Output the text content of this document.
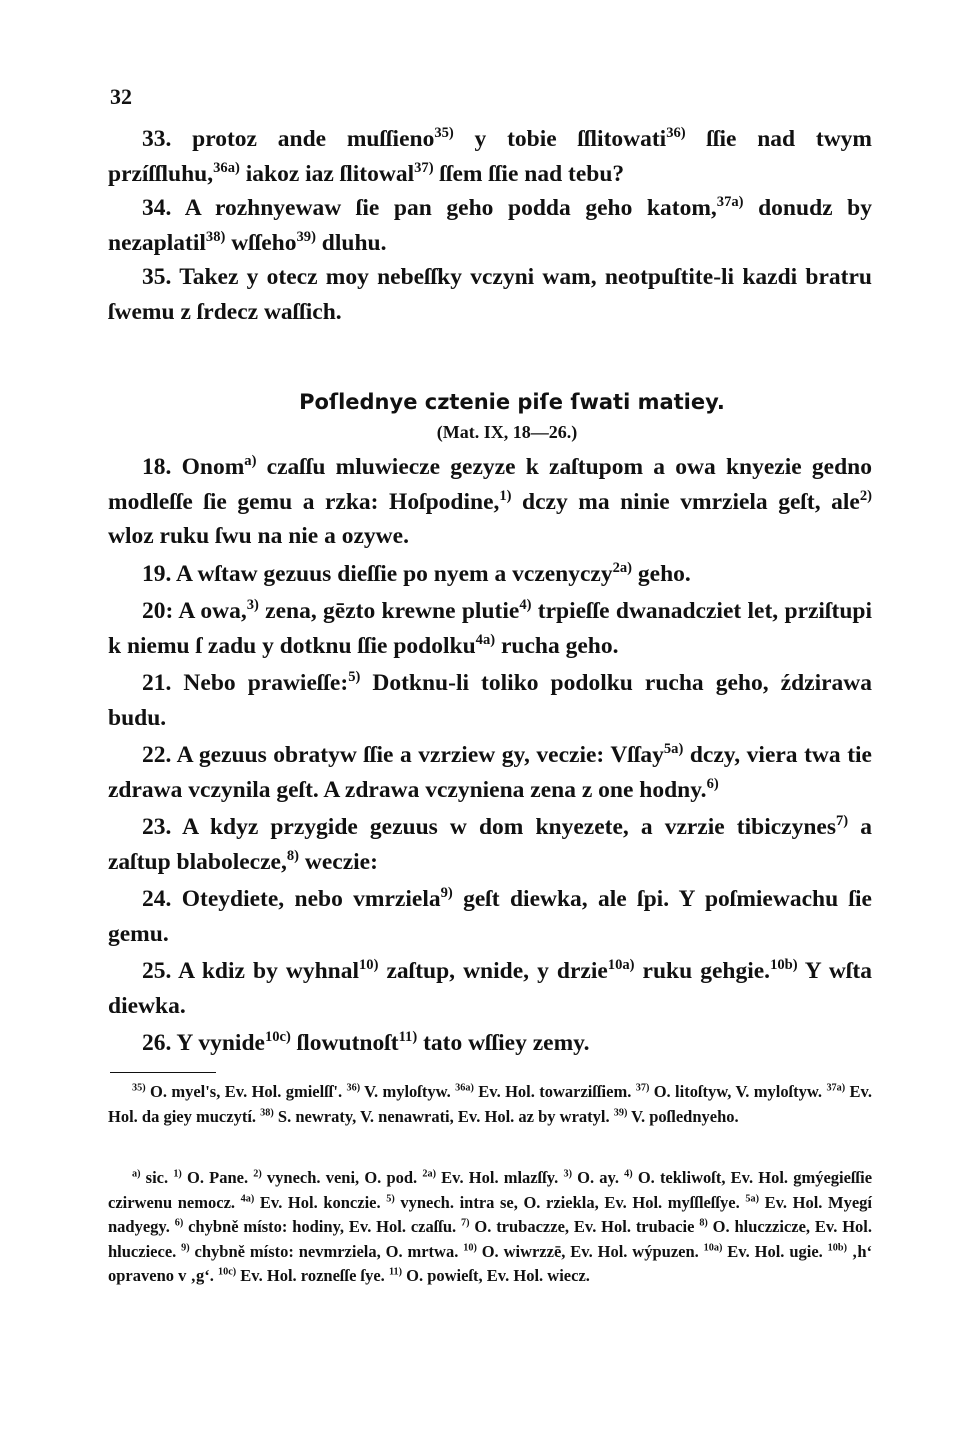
32

33. protoz ande muſſieno$^{35)}$ y tobie ſſlitowati$^{36)}$ ſſie nad twym przíſſluhu,$^{36a)}$ iakoz iaz ſlitowal$^{37)}$ ſſem ſſie nad tebu?

34. A rozhnyewaw ſie pan geho podda geho katom,$^{37a)}$ donudz by nezaplatil$^{38)}$ wſſeho$^{39)}$ dluhu.

35. Takez y otecz moy nebeſſky vczyni wam, neotpuſtite-li kazdi bratru ſwemu z ſrdecz waſſich.

Poſlednye cztenie piſe ſwati matiey.

(Mat. IX, 18—26.)

18. Onom$^{a)}$ czaſſu mluwiecze gezyze k zaſtupom a owa knyezie gedno modleſſe ſie gemu a rzka: Hoſpodine,$^{1)}$ dczy ma ninie vmrziela geſt, ale$^{2)}$ wloz ruku ſwu na nie a ozywe.

19. A wſtaw gezuus dieſſie po nyem a vczenyczy$^{2a)}$ geho.

20: A owa,$^{3)}$ zena, gēzto krewne plutie$^{4)}$ trpieſſe dwanadcziet let, prziſtupi k niemu ſ zadu y dotknu ſſie podolku$^{4a)}$ rucha geho.

21. Nebo prawieſſe:$^{5)}$ Dotknu-li toliko podolku rucha geho, ździrawa budu.

22. A gezuus obratyw ſſie a vzrziew gy, veczie: Vſſay$^{5a)}$ dczy, viera twa tie zdrawa vczynila geſt. A zdrawa vczyniena zena z one hodny.$^{6)}$

23. A kdyz przygide gezuus w dom knyezete, a vzrzie tibiczynes$^{7)}$ a zaſtup blabolecze,$^{8)}$ weczie:

24. Oteydiete, nebo vmrziela$^{9)}$ geſt diewka, ale ſpi. Y poſmiewachu ſie gemu.

25. A kdiz by wyhnal$^{10)}$ zaſtup, wnide, y drzie$^{10a)}$ ruku gehgie.$^{10b)}$ Y wſta diewka.

26. Y vynide$^{10c)}$ ſlowutnoſt$^{11)}$ tato wſſiey zemy.

$^{35)}$ O. myel's, Ev. Hol. gmielſſ'. $^{36)}$ V. myloſtyw. $^{36a)}$ Ev. Hol. towarziſſiem. $^{37)}$ O. litoſtyw, V. myloſtyw. $^{37a)}$ Ev. Hol. da giey muczytí. $^{38)}$ S. newraty, V. nenawrati, Ev. Hol. az by wratyl. $^{39)}$ V. poſlednyeho.

$^{a)}$ sic. $^{1)}$ O. Pane. $^{2)}$ vynech. veni, O. pod. $^{2a)}$ Ev. Hol. mlazſſy. $^{3)}$ O. ay. $^{4)}$ O. tekliwoſt, Ev. Hol. gmýegieſſie czirwenu nemocz. $^{4a)}$ Ev. Hol. konczie. $^{5)}$ vynech. intra se, O. rziekla, Ev. Hol. myſſleſſye. $^{5a)}$ Ev. Hol. Myegí nadyegy. $^{6)}$ chybně místo: hodiny, Ev. Hol. czaſſu. $^{7)}$ O. trubaczze, Ev. Hol. trubacie $^{8)}$ O. hluczzicze, Ev. Hol. hlucziece. $^{9)}$ chybně místo: nevmrziela, O. mrtwa. $^{10)}$ O. wiwrzzē, Ev. Hol. wýpuzen. $^{10a)}$ Ev. Hol. ugie. $^{10b)}$ ‚h‘ opraveno v ‚g‘. $^{10c)}$ Ev. Hol. rozneſſe ſye. $^{11)}$ O. powieſt, Ev. Hol. wiecz.
